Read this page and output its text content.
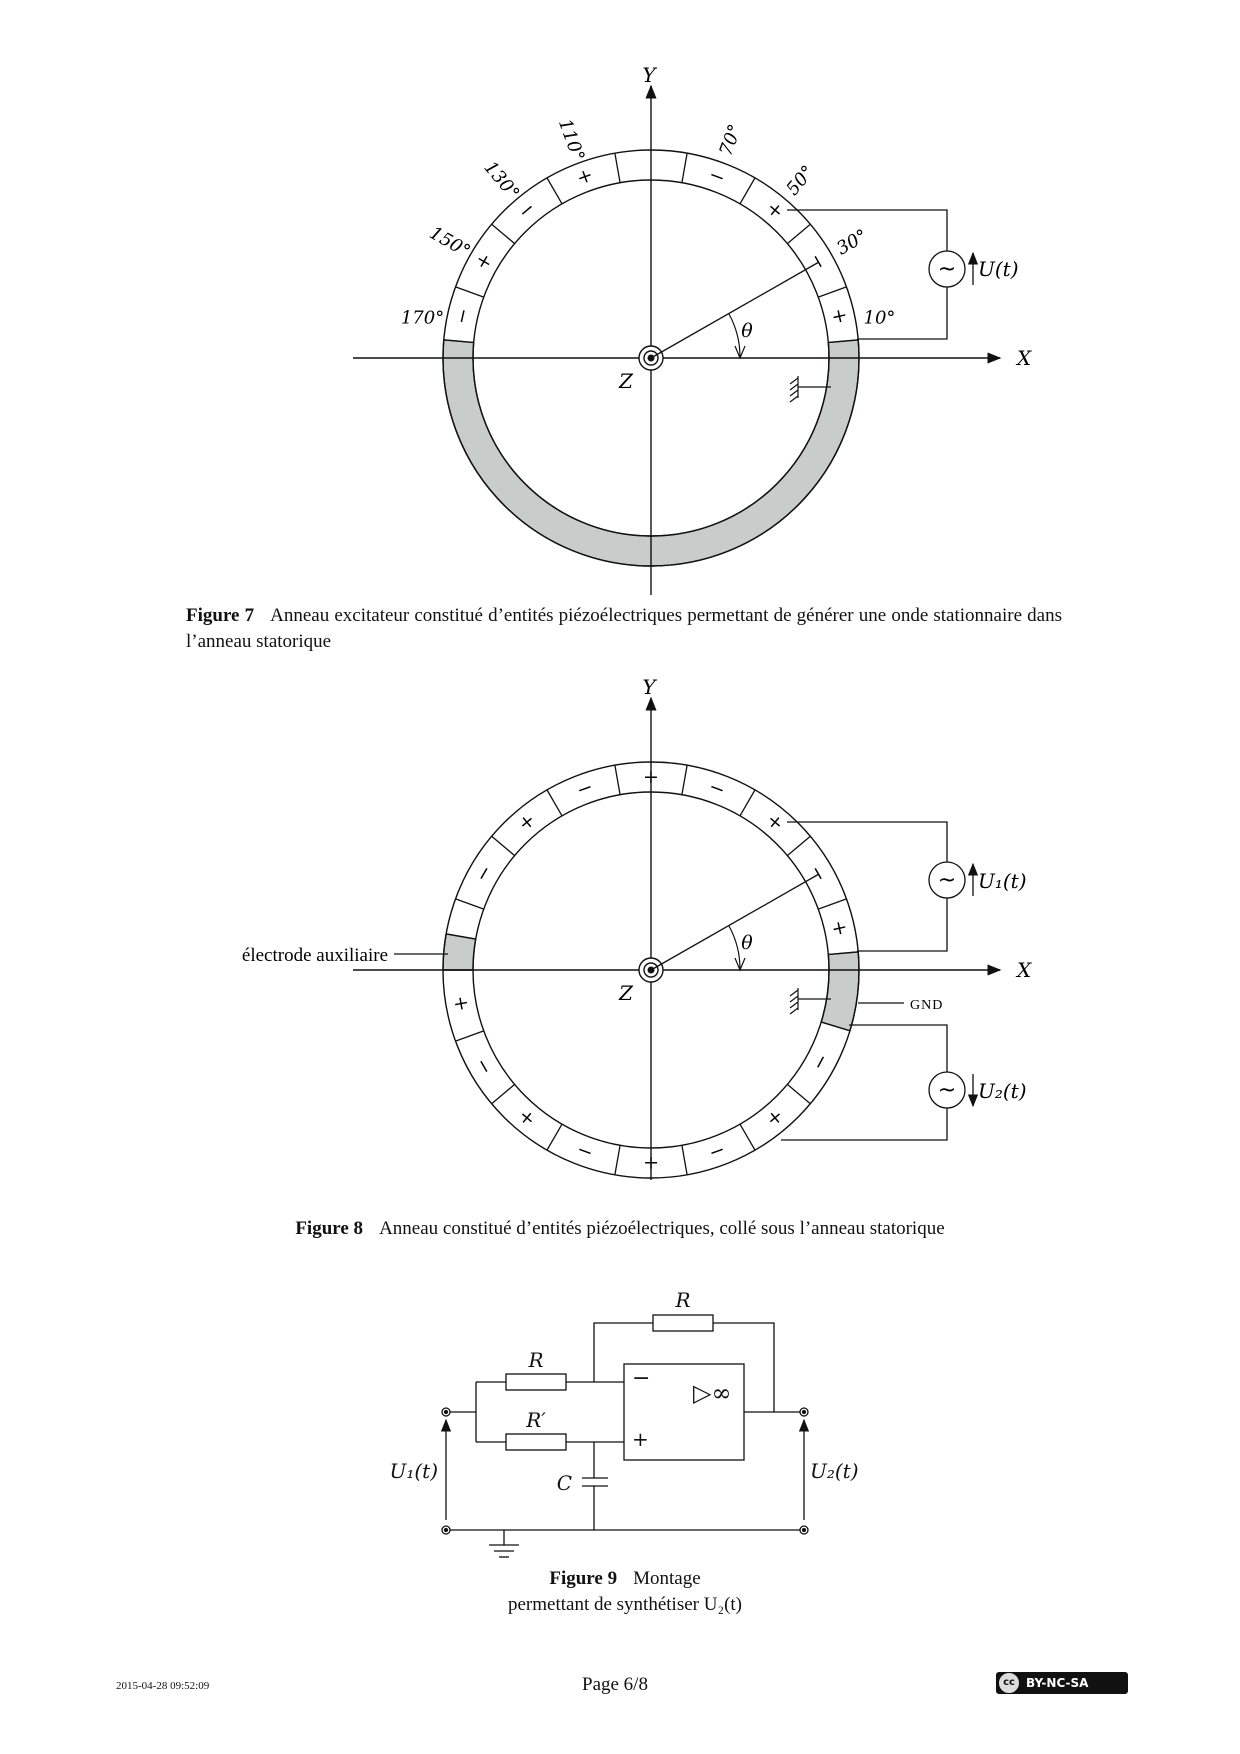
+
−
+
−
+
−
+
−
~ U(t)
Y
X
Z
θ
170°
150°
130°
110°	70°
50°
30°
10°
+
−
+
−
+
−
+
−
+
−
+
− + −
+
−
~
~
U₁(t)
U₂(t)
GND
électrode auxiliaire
Y
X
Z
θ
R
R
R′
C
−
+
▷∞
U₁(t)	U₂(t)
Figure 7 Anneau excitateur constitué d’entités piézoélectriques permettant de générer une onde stationnaire dans l’anneau statorique
Figure 8 Anneau constitué d’entités piézoélectriques, collé sous l’anneau statorique
Figure 9 Montage
permettant de synthétiser U₂(t)
2015-04-28 09:52:09	Page 6/8	cc BY-NC-SA
